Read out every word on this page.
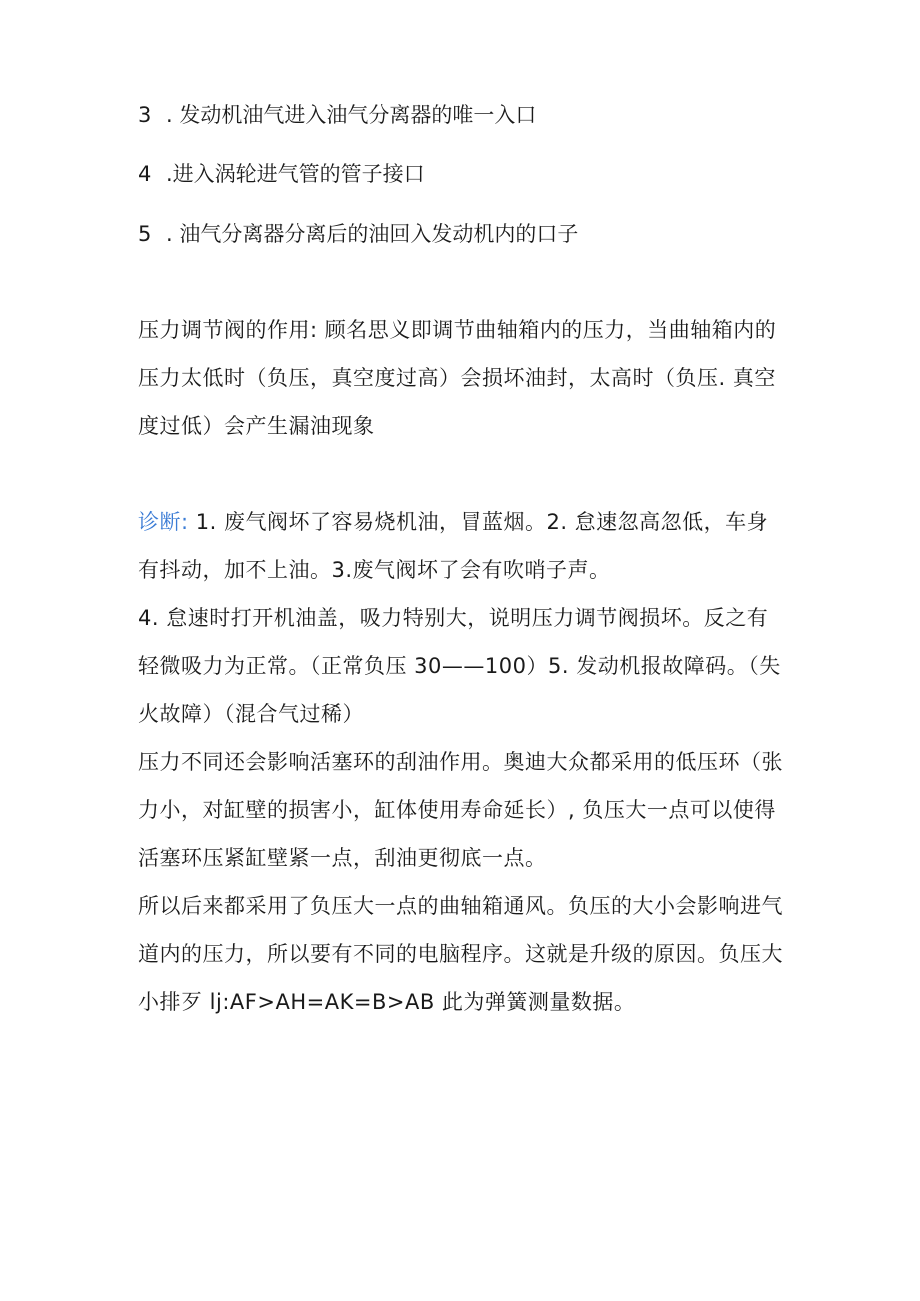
3 . 发动机油气进入油气分离器的唯一入口
4 .进入涡轮进气管的管子接口
5 . 油气分离器分离后的油回入发动机内的口子

压力调节阀的作用: 顾名思义即调节曲轴箱内的压力，当曲轴箱内的压力太低时（负压，真空度过高）会损坏油封，太高时（负压. 真空度过低）会产生漏油现象

诊断: 1. 废气阀坏了容易烧机油，冒蓝烟。2. 怠速忽高忽低，车身有抖动，加不上油。3.废气阀坏了会有吹哨子声。
4. 怠速时打开机油盖，吸力特别大，说明压力调节阀损坏。反之有轻微吸力为正常。（正常负压 30——100）5. 发动机报故障码。（失火故障）（混合气过稀）
压力不同还会影响活塞环的刮油作用。奥迪大众都采用的低压环（张力小，对缸壁的损害小，缸体使用寿命延长）, 负压大一点可以使得活塞环压紧缸壁紧一点，刮油更彻底一点。
所以后来都采用了负压大一点的曲轴箱通风。负压的大小会影响进气道内的压力，所以要有不同的电脑程序。这就是升级的原因。负压大小排歹 lj:AF>AH=AK=B>AB 此为弹簧测量数据。
